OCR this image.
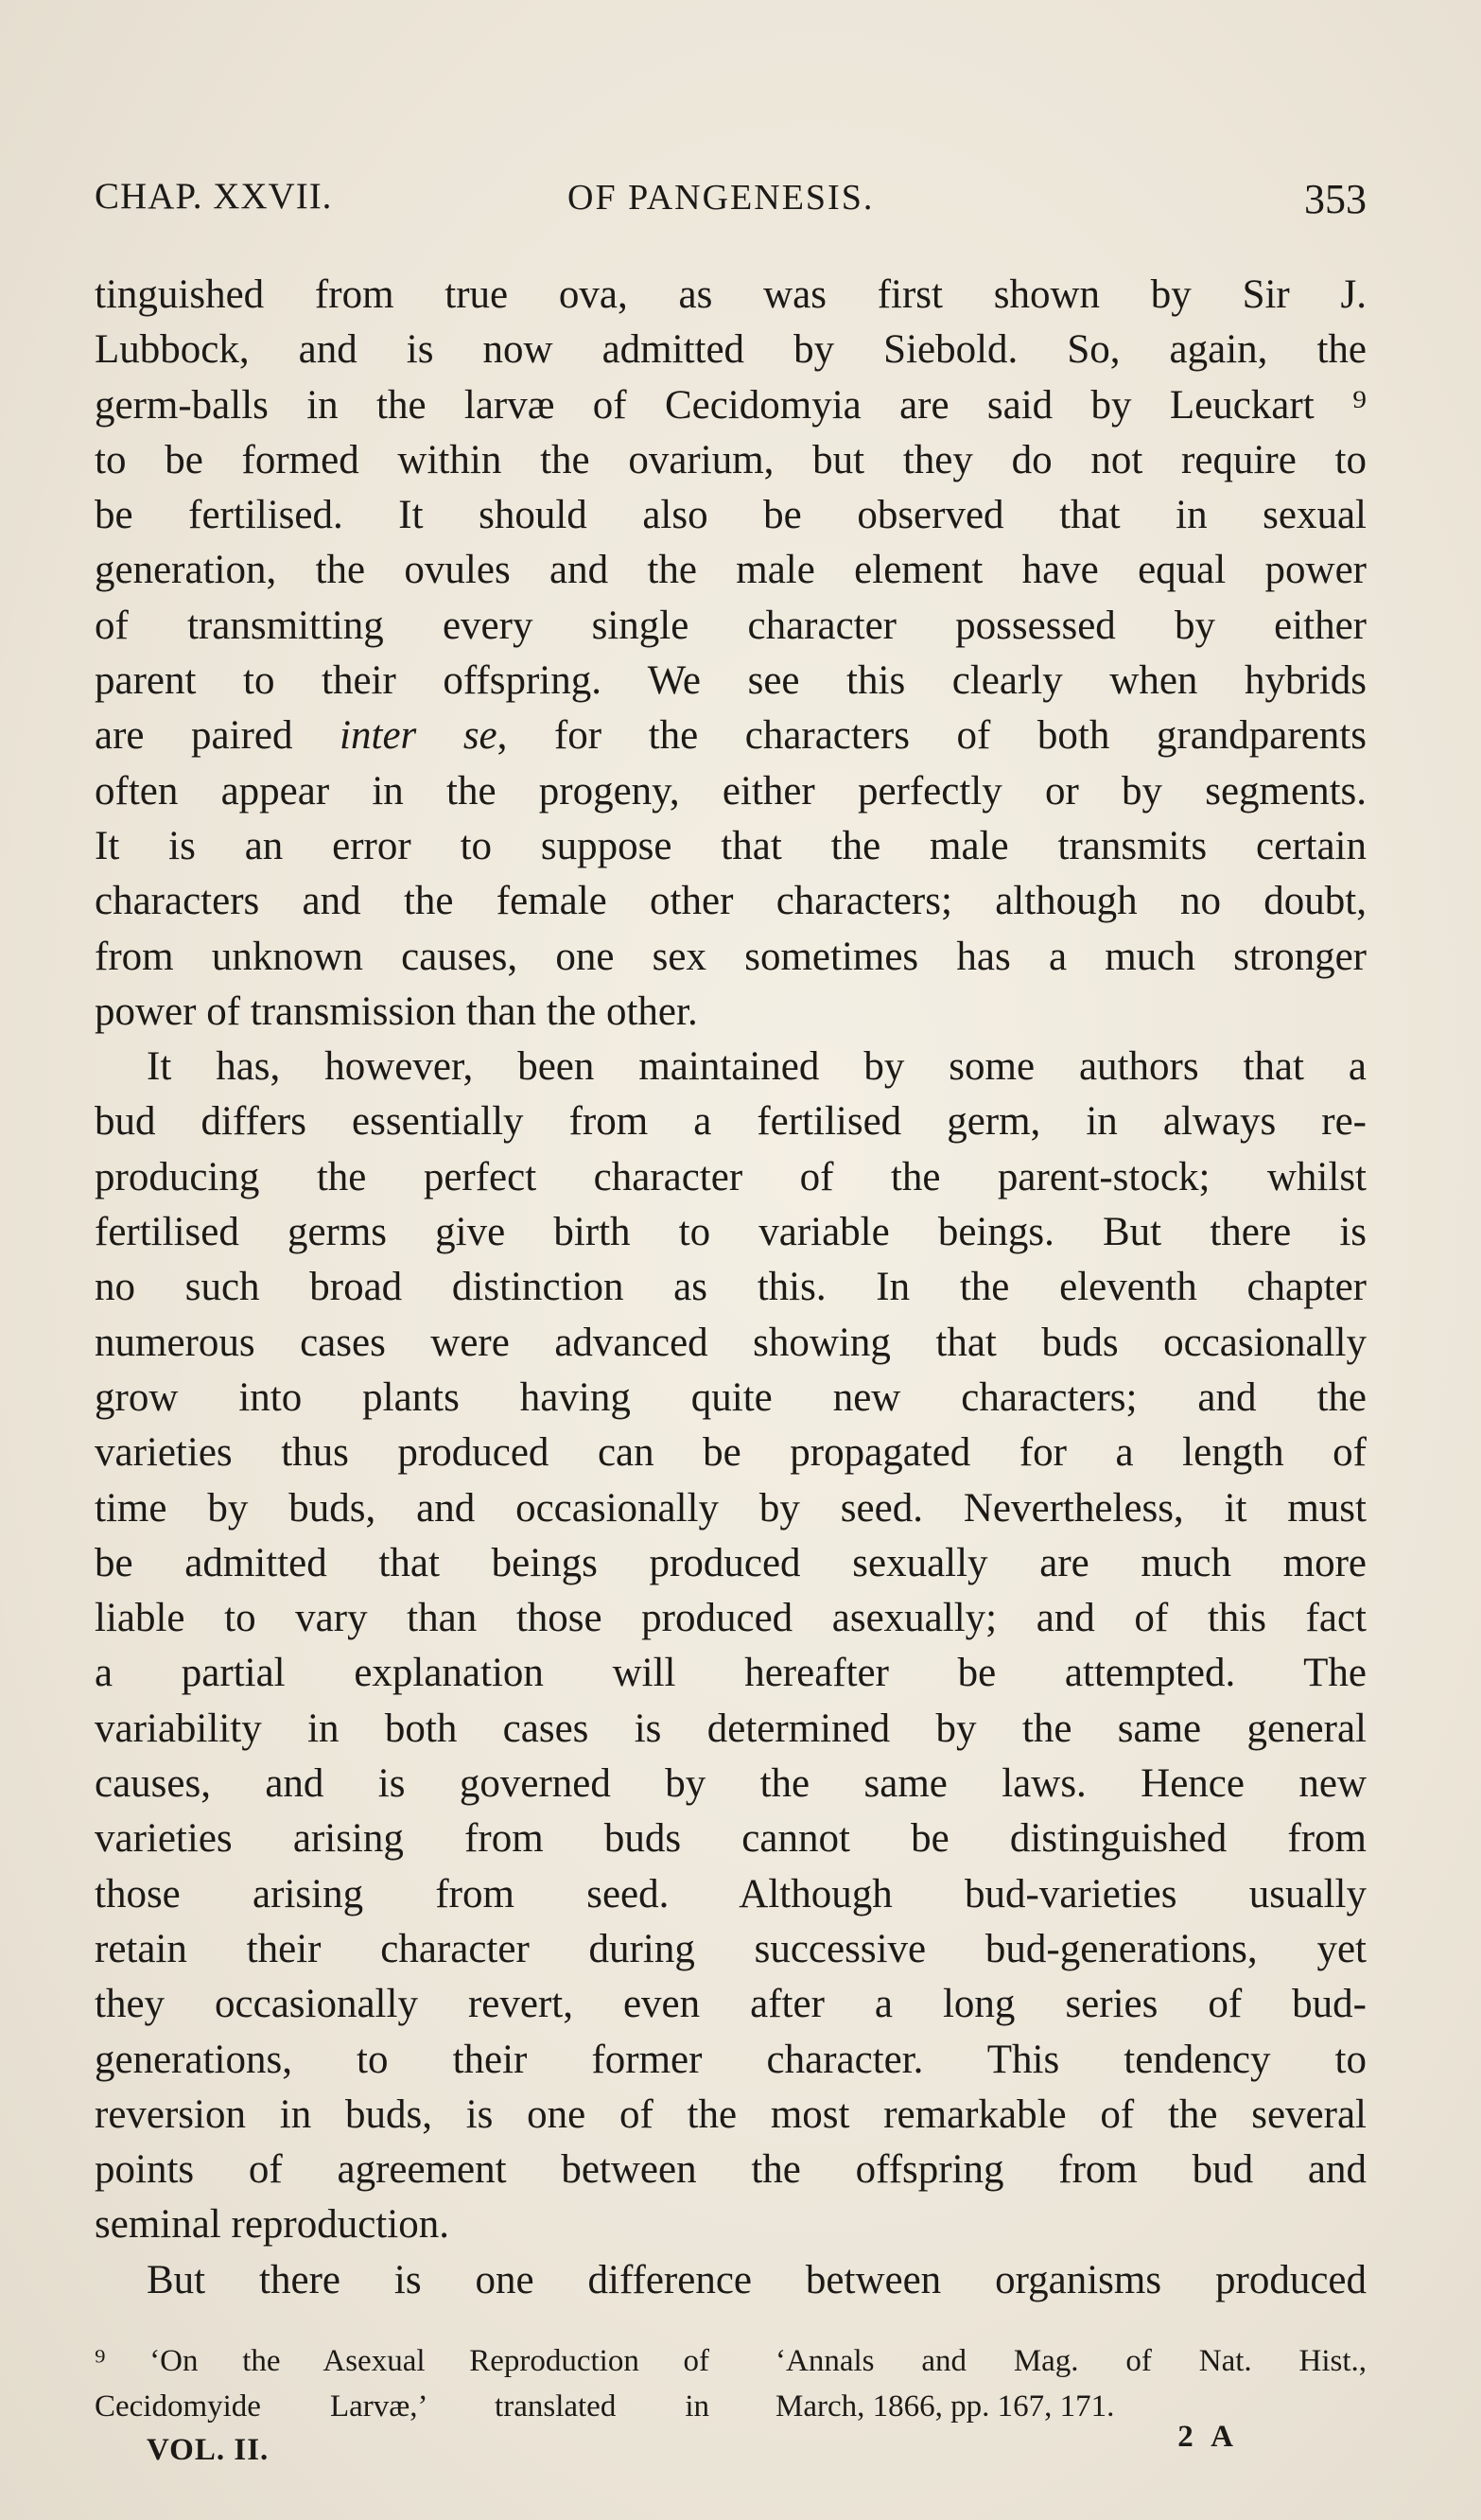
CHAP. XXVII.	OF PANGENESIS.	353
tinguished from true ova, as was first shown by Sir J.
Lubbock, and is now admitted by Siebold. So, again, the
germ-balls in the larvæ of Cecidomyia are said by Leuckart ⁹
to be formed within the ovarium, but they do not require to
be fertilised. It should also be observed that in sexual
generation, the ovules and the male element have equal power
of transmitting every single character possessed by either
parent to their offspring. We see this clearly when hybrids
are paired inter se, for the characters of both grandparents
often appear in the progeny, either perfectly or by segments.
It is an error to suppose that the male transmits certain
characters and the female other characters; although no doubt,
from unknown causes, one sex sometimes has a much stronger
power of transmission than the other.
It has, however, been maintained by some authors that a
bud differs essentially from a fertilised germ, in always re-
producing the perfect character of the parent-stock; whilst
fertilised germs give birth to variable beings. But there is
no such broad distinction as this. In the eleventh chapter
numerous cases were advanced showing that buds occasionally
grow into plants having quite new characters; and the
varieties thus produced can be propagated for a length of
time by buds, and occasionally by seed. Nevertheless, it must
be admitted that beings produced sexually are much more
liable to vary than those produced asexually; and of this fact
a partial explanation will hereafter be attempted. The
variability in both cases is determined by the same general
causes, and is governed by the same laws. Hence new
varieties arising from buds cannot be distinguished from
those arising from seed. Although bud-varieties usually
retain their character during successive bud-generations, yet
they occasionally revert, even after a long series of bud-
generations, to their former character. This tendency to
reversion in buds, is one of the most remarkable of the several
points of agreement between the offspring from bud and
seminal reproduction.
But there is one difference between organisms produced
⁹ ‘On the Asexual Reproduction of
Cecidomyide Larvæ,’ translated in
‘Annals and Mag. of Nat. Hist.,
March, 1866, pp. 167, 171.
VOL. II.	2 A
